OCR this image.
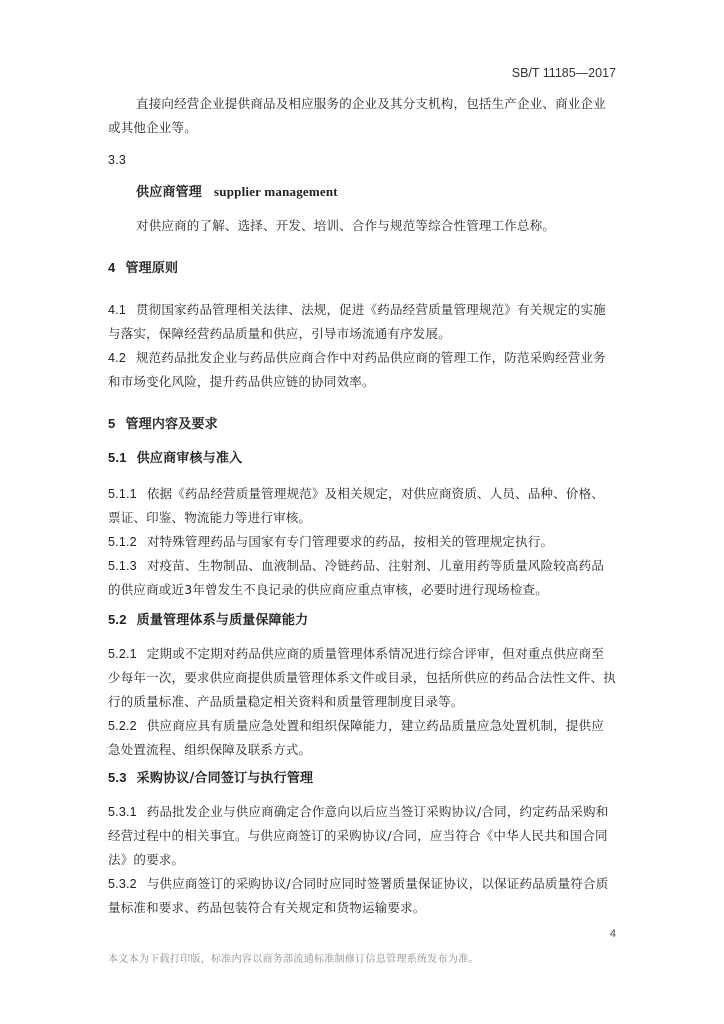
SB/T 11185—2017
直接向经营企业提供商品及相应服务的企业及其分支机构，包括生产企业、商业企业或其他企业等。
3.3
供应商管理 supplier management
对供应商的了解、选择、开发、培训、合作与规范等综合性管理工作总称。
4 管理原则
4.1 贯彻国家药品管理相关法律、法规，促进《药品经营质量管理规范》有关规定的实施与落实，保障经营药品质量和供应，引导市场流通有序发展。
4.2 规范药品批发企业与药品供应商合作中对药品供应商的管理工作，防范采购经营业务和市场变化风险，提升药品供应链的协同效率。
5 管理内容及要求
5.1 供应商审核与准入
5.1.1 依据《药品经营质量管理规范》及相关规定，对供应商资质、人员、品种、价格、票证、印鉴、物流能力等进行审核。
5.1.2 对特殊管理药品与国家有专门管理要求的药品，按相关的管理规定执行。
5.1.3 对疫苗、生物制品、血液制品、冷链药品、注射剂、儿童用药等质量风险较高药品的供应商或近3年曾发生不良记录的供应商应重点审核，必要时进行现场检查。
5.2 质量管理体系与质量保障能力
5.2.1 定期或不定期对药品供应商的质量管理体系情况进行综合评审，但对重点供应商至少每年一次，要求供应商提供质量管理体系文件或目录，包括所供应的药品合法性文件、执行的质量标准、产品质量稳定相关资料和质量管理制度目录等。
5.2.2 供应商应具有质量应急处置和组织保障能力，建立药品质量应急处置机制，提供应急处置流程、组织保障及联系方式。
5.3 采购协议/合同签订与执行管理
5.3.1 药品批发企业与供应商确定合作意向以后应当签订采购协议/合同，约定药品采购和经营过程中的相关事宜。与供应商签订的采购协议/合同，应当符合《中华人民共和国合同法》的要求。
5.3.2 与供应商签订的采购协议/合同时应同时签署质量保证协议，以保证药品质量符合质量标准和要求、药品包装符合有关规定和货物运输要求。
4
本文本为下载打印版，标准内容以商务部流通标准制修订信息管理系统发布为准。
